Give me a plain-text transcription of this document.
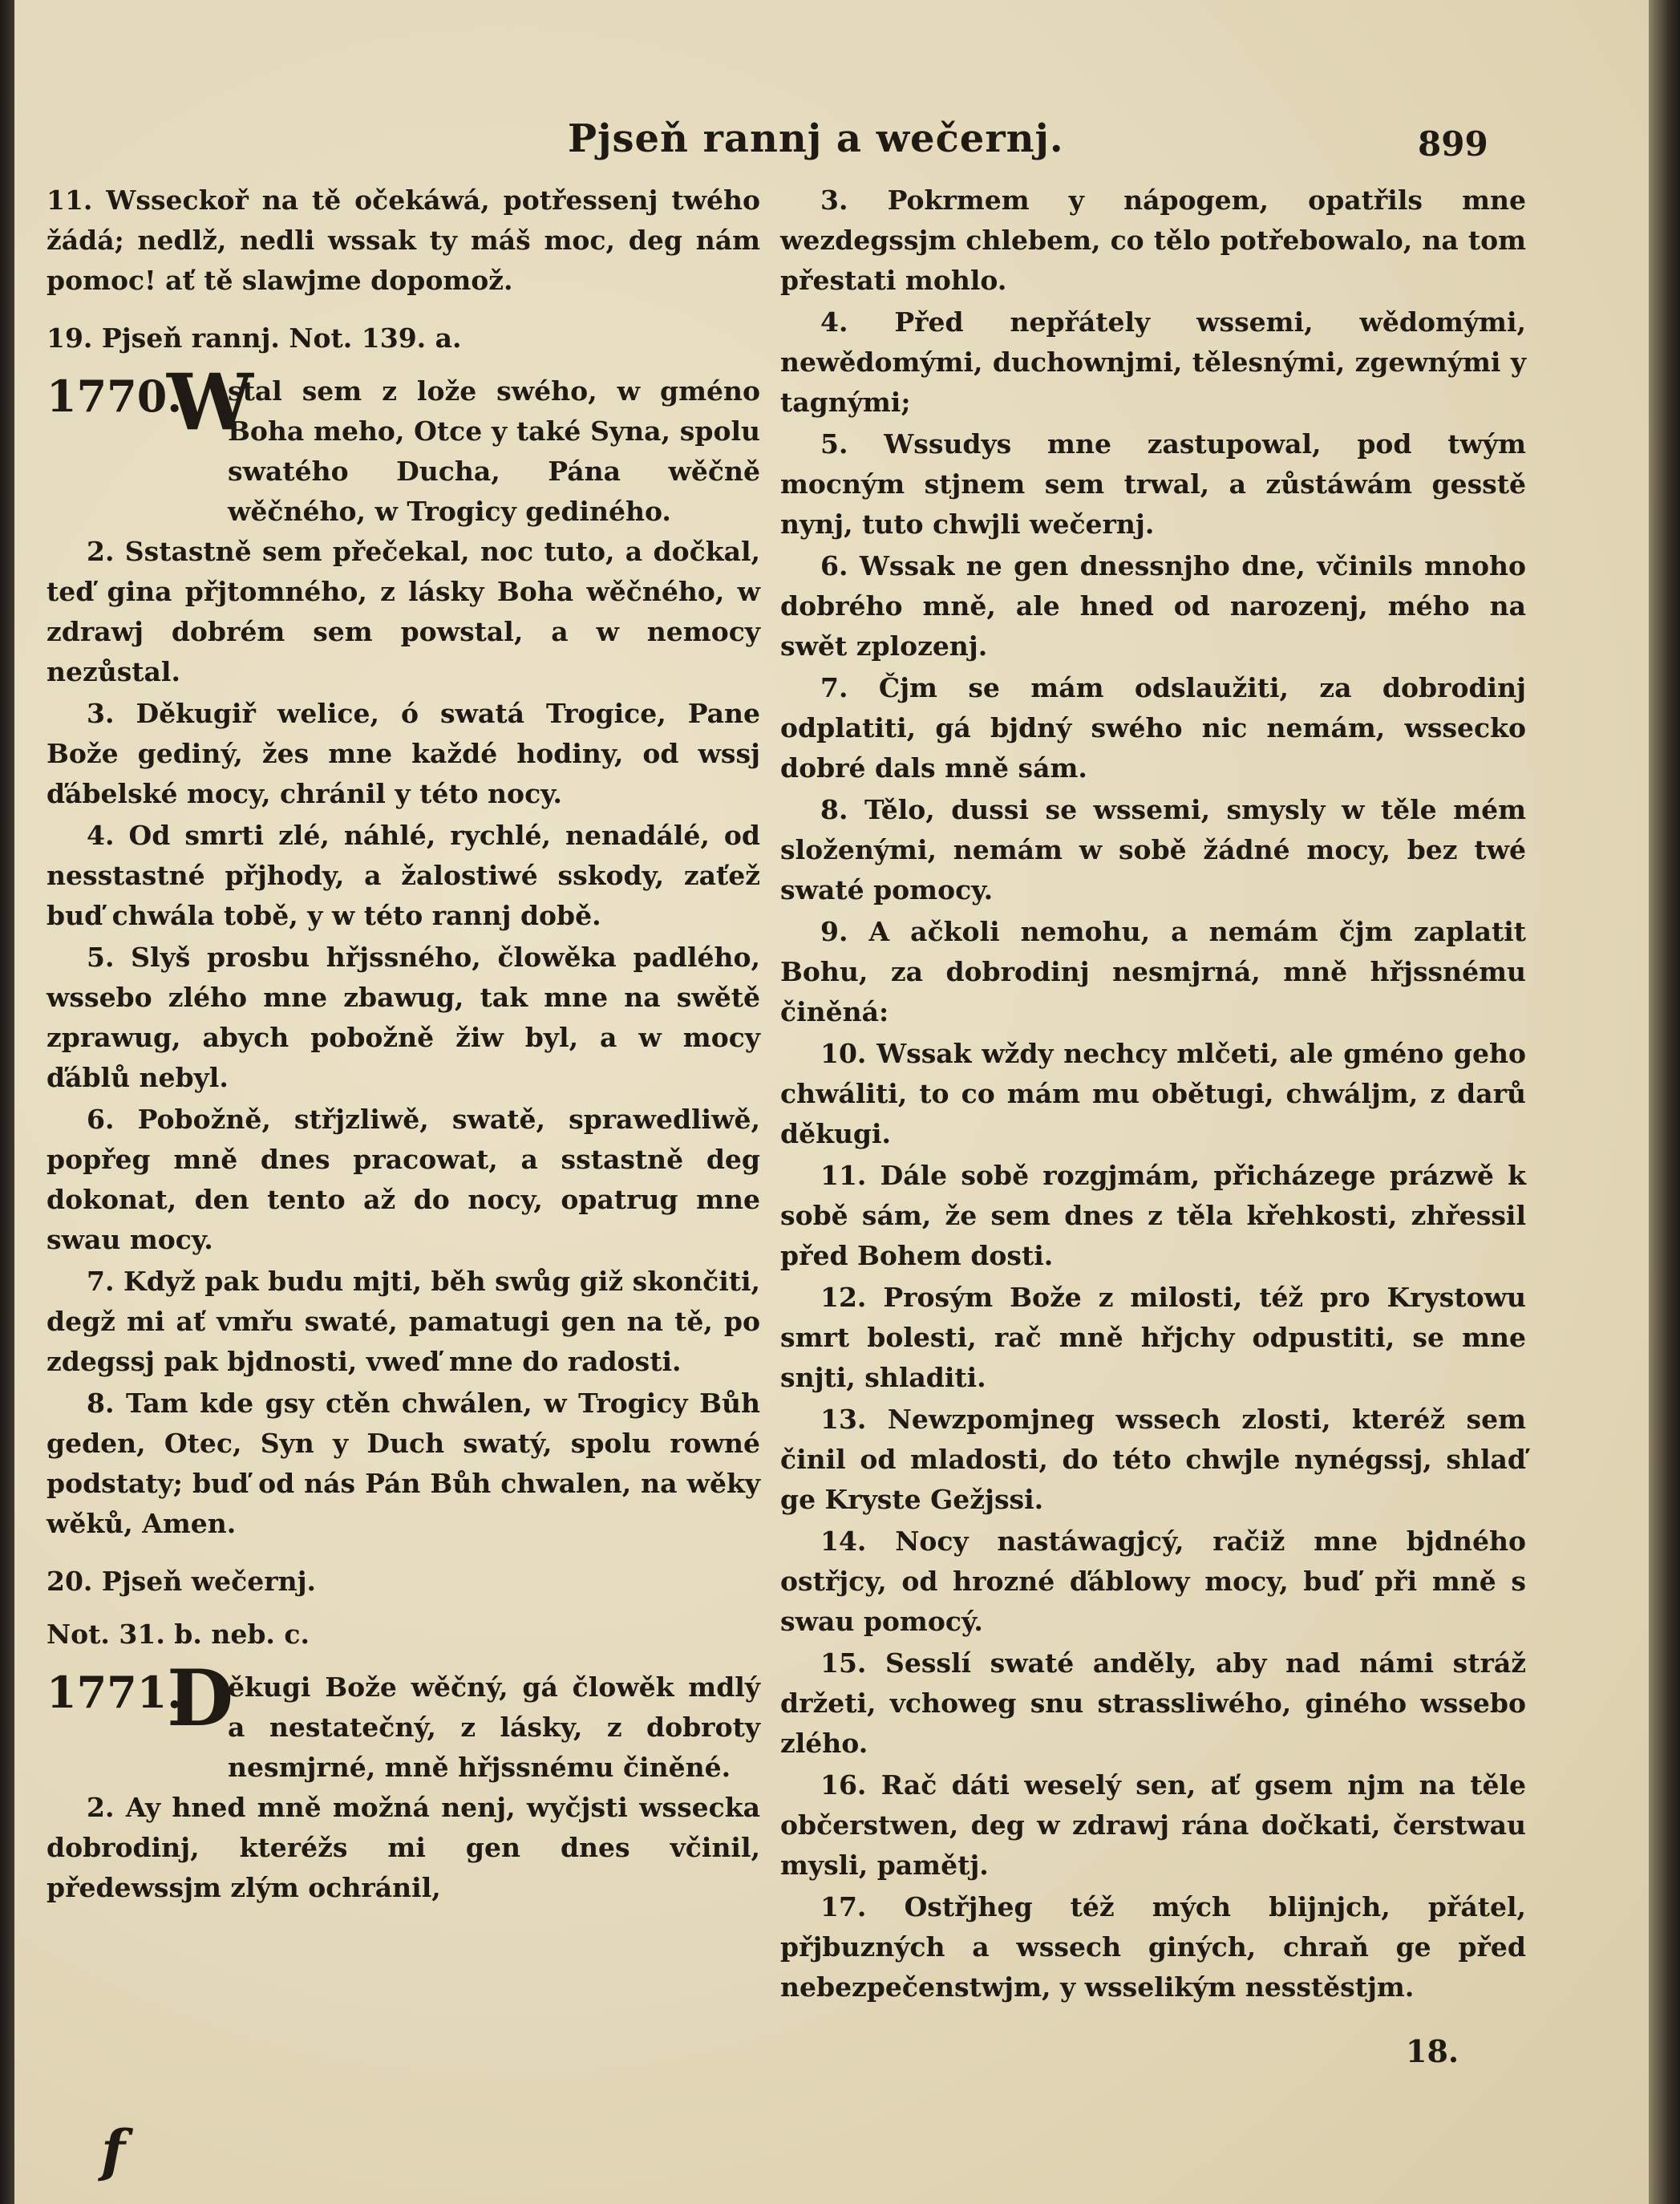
Pjseň rannj a wečernj.	899

11. Wsseckoř na tě očekáwá, potřessenj twého žádá; nedlž, nedli wssak ty máš moc, deg nám pomoc! ať tě slawjme dopomož.

19. Pjseň rannj. Not. 139. a.

1770.
W
stal sem z lože swého, w gméno Boha meho, Otce y také Syna, spolu swatého Ducha, Pána wěčně wěčného, w Trogicy gediného.

2. Sstastně sem přečekal, noc tuto, a dočkal, teď gina přjtomného, z lásky Boha wěčného, w zdrawj dobrém sem powstal, a w nemocy nezůstal.

3. Děkugiř welice, ó swatá Trogice, Pane Bože gediný, žes mne každé hodiny, od wssj ďábelské mocy, chránil y této nocy.

4. Od smrti zlé, náhlé, rychlé, nenadálé, od nesstastné přjhody, a žalostiwé sskody, zaťež buď chwála tobě, y w této rannj době.

5. Slyš prosbu hřjssného, člowěka padlého, wssebo zlého mne zbawug, tak mne na swětě zprawug, abych pobožně žiw byl, a w mocy ďáblů nebyl.

6. Pobožně, střjzliwě, swatě, sprawedliwě, popřeg mně dnes pracowat, a sstastně deg dokonat, den tento až do nocy, opatrug mne swau mocy.

7. Když pak budu mjti, běh swůg giž skončiti, degž mi ať vmřu swaté, pamatugi gen na tě, po zdegssj pak bjdnosti, vweď mne do radosti.

8. Tam kde gsy ctěn chwálen, w Trogicy Bůh geden, Otec, Syn y Duch swatý, spolu rowné podstaty; buď od nás Pán Bůh chwalen, na wěky wěků, Amen.

20. Pjseň wečernj.

Not. 31. b. neb. c.

1771.
D
ěkugi Bože wěčný, gá člowěk mdlý a nestatečný, z lásky, z dobroty nesmjrné, mně hřjssnému činěné.

2. Ay hned mně možná nenj, wyčjsti wssecka dobrodinj, kteréžs mi gen dnes včinil, předewssjm zlým ochránil,

3. Pokrmem y nápogem, opatřils mne wezdegssjm chlebem, co tělo potřebowalo, na tom přestati mohlo.

4. Před nepřátely wssemi, wědomými, newědomými, duchownjmi, tělesnými, zgewnými y tagnými;

5. Wssudys mne zastupowal, pod twým mocným stjnem sem trwal, a zůstáwám gesstě nynj, tuto chwjli wečernj.

6. Wssak ne gen dnessnjho dne, včinils mnoho dobrého mně, ale hned od narozenj, mého na swět zplozenj.

7. Čjm se mám odslaužiti, za dobrodinj odplatiti, gá bjdný swého nic nemám, wssecko dobré dals mně sám.

8. Tělo, dussi se wssemi, smysly w těle mém složenými, nemám w sobě žádné mocy, bez twé swaté pomocy.

9. A ačkoli nemohu, a nemám čjm zaplatit Bohu, za dobrodinj nesmjrná, mně hřjssnému činěná:

10. Wssak wždy nechcy mlčeti, ale gméno geho chwáliti, to co mám mu obětugi, chwáljm, z darů děkugi.

11. Dále sobě rozgjmám, přicházege prázwě k sobě sám, že sem dnes z těla křehkosti, zhřessil před Bohem dosti.

12. Prosým Bože z milosti, též pro Krystowu smrt bolesti, rač mně hřjchy odpustiti, se mne snjti, shladiti.

13. Newzpomjneg wssech zlosti, kteréž sem činil od mladosti, do této chwjle nynégssj, shlaď ge Kryste Gežjssi.

14. Nocy nastáwagjcý, račiž mne bjdného ostřjcy, od hrozné ďáblowy mocy, buď při mně s swau pomocý.

15. Sesslí swaté anděly, aby nad námi stráž držeti, vchoweg snu strassliwého, giného wssebo zlého.

16. Rač dáti weselý sen, ať gsem njm na těle občerstwen, deg w zdrawj rána dočkati, čerstwau mysli, pamětj.

17. Ostřjheg též mých blijnjch, přátel, přjbuzných a wssech giných, chraň ge před nebezpečenstwjm, y wsselikým nesstěstjm.

18.
f
